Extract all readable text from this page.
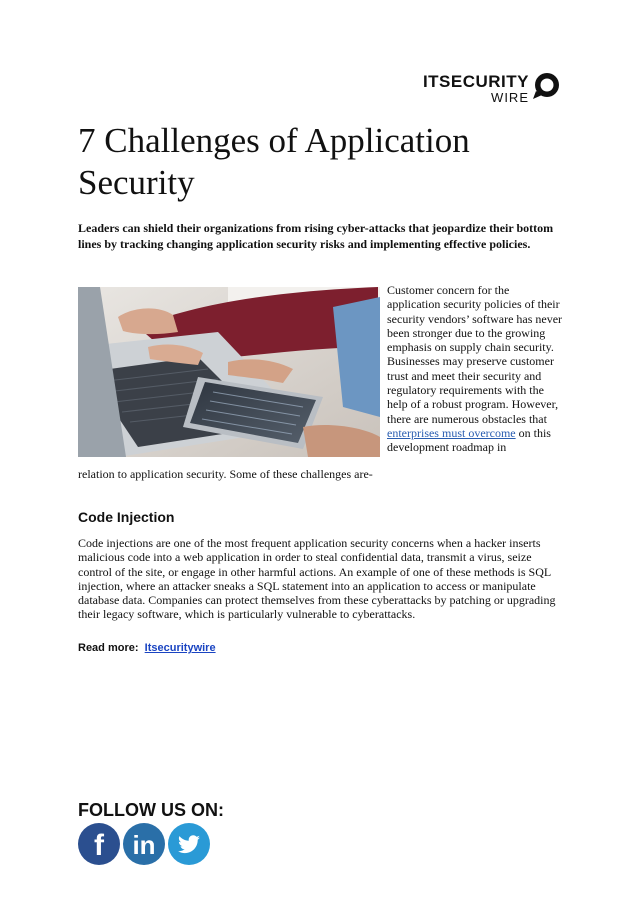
ITSECURITY
WIRE
7 Challenges of Application Security

Leaders can shield their organizations from rising cyber-attacks that jeopardize their bottom lines by tracking changing application security risks and implementing effective policies.

Customer concern for the application security policies of their security vendors’ software has never been stronger due to the growing emphasis on supply chain security. Businesses may preserve customer trust and meet their security and regulatory requirements with the help of a robust program. However, there are numerous obstacles that enterprises must overcome on this development roadmap in

relation to application security. Some of these challenges are-

Code Injection

Code injections are one of the most frequent application security concerns when a hacker inserts malicious code into a web application in order to steal confidential data, transmit a virus, seize control of the site, or engage in other harmful actions. An example of one of these methods is SQL injection, where an attacker sneaks a SQL statement into an application to access or manipulate database data. Companies can protect themselves from these cyberattacks by patching or upgrading their legacy software, which is particularly vulnerable to cyberattacks.

Read more: Itsecuritywire

FOLLOW US ON:

f in
